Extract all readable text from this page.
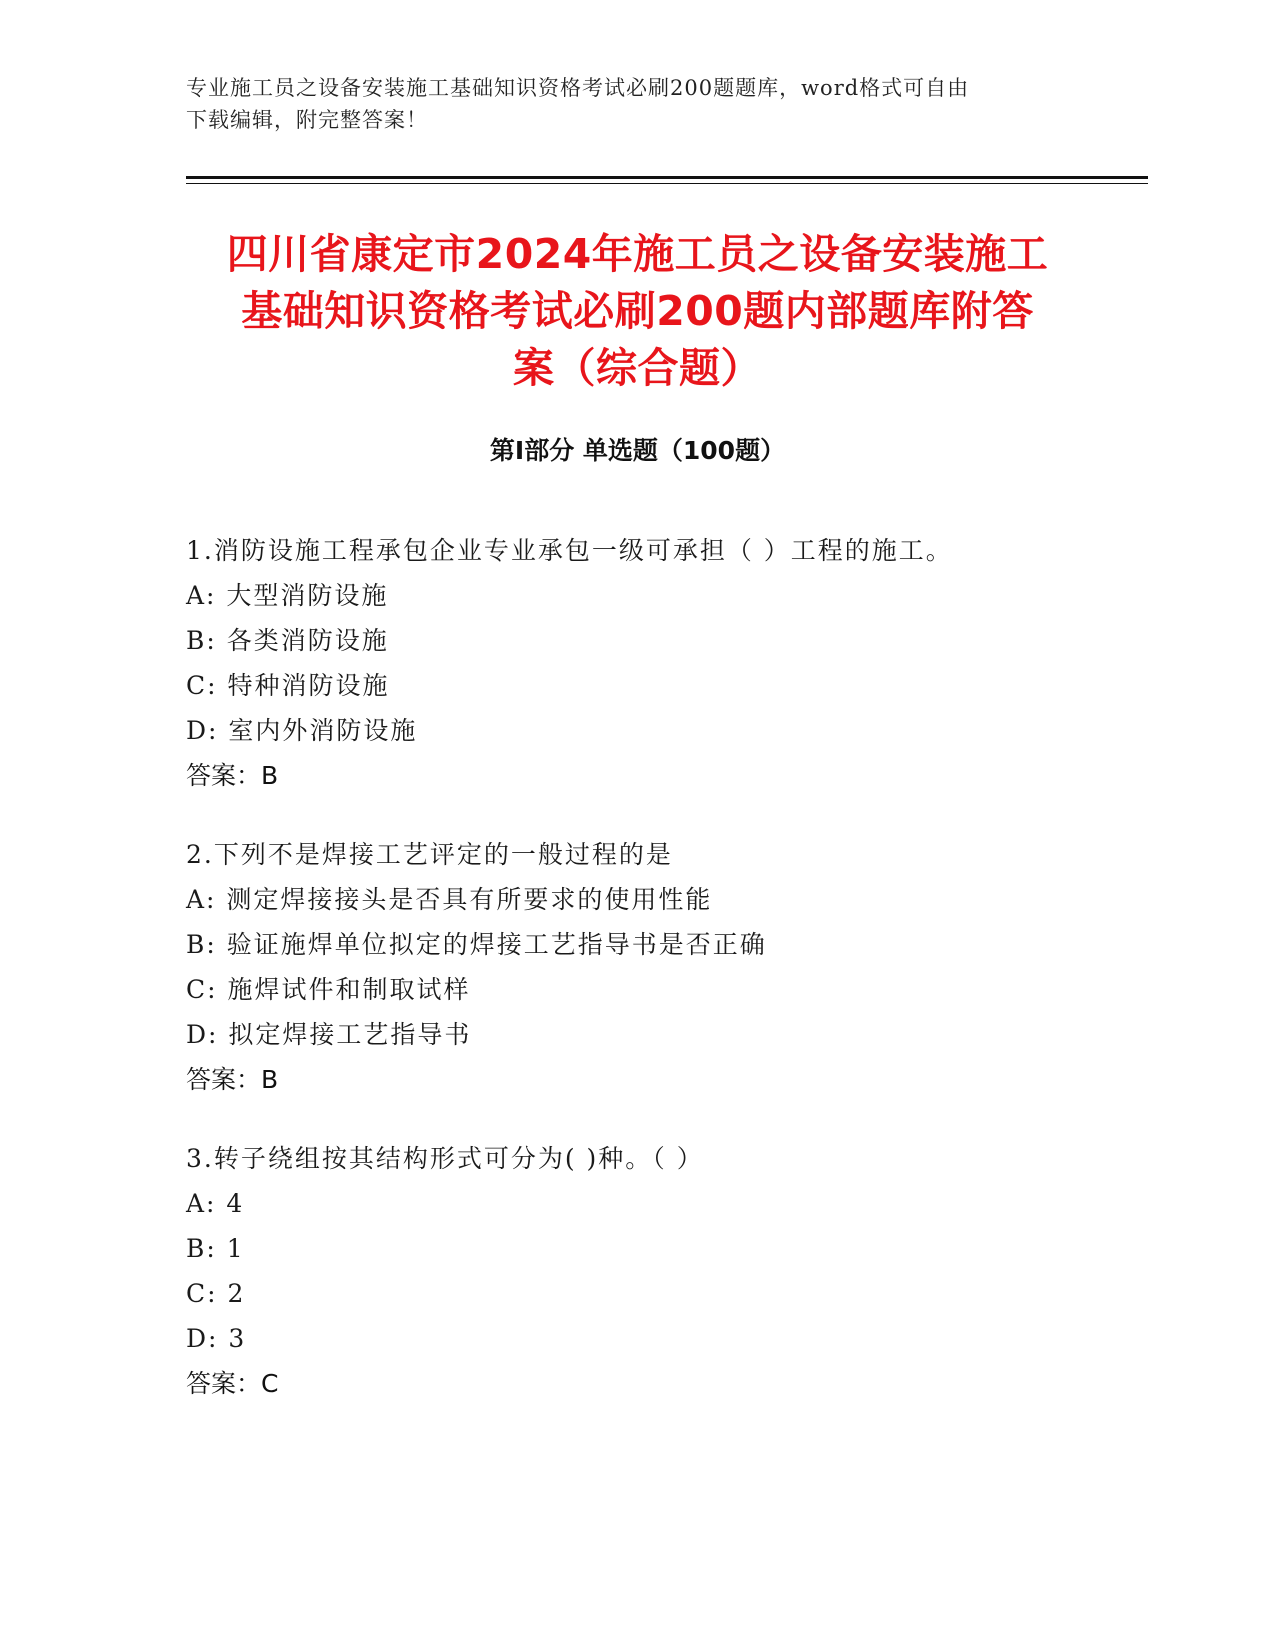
专业施工员之设备安装施工基础知识资格考试必刷200题题库，word格式可自由
下载编辑，附完整答案！
四川省康定市2024年施工员之设备安装施工
基础知识资格考试必刷200题内部题库附答
案（综合题）
第I部分 单选题（100题）
1.消防设施工程承包企业专业承包一级可承担（ ）工程的施工。
A: 大型消防设施
B: 各类消防设施
C: 特种消防设施
D: 室内外消防设施
答案：B
2.下列不是焊接工艺评定的一般过程的是
A: 测定焊接接头是否具有所要求的使用性能
B: 验证施焊单位拟定的焊接工艺指导书是否正确
C: 施焊试件和制取试样
D: 拟定焊接工艺指导书
答案：B
3.转子绕组按其结构形式可分为( )种。（ ）
A: 4
B: 1
C: 2
D: 3
答案：C
